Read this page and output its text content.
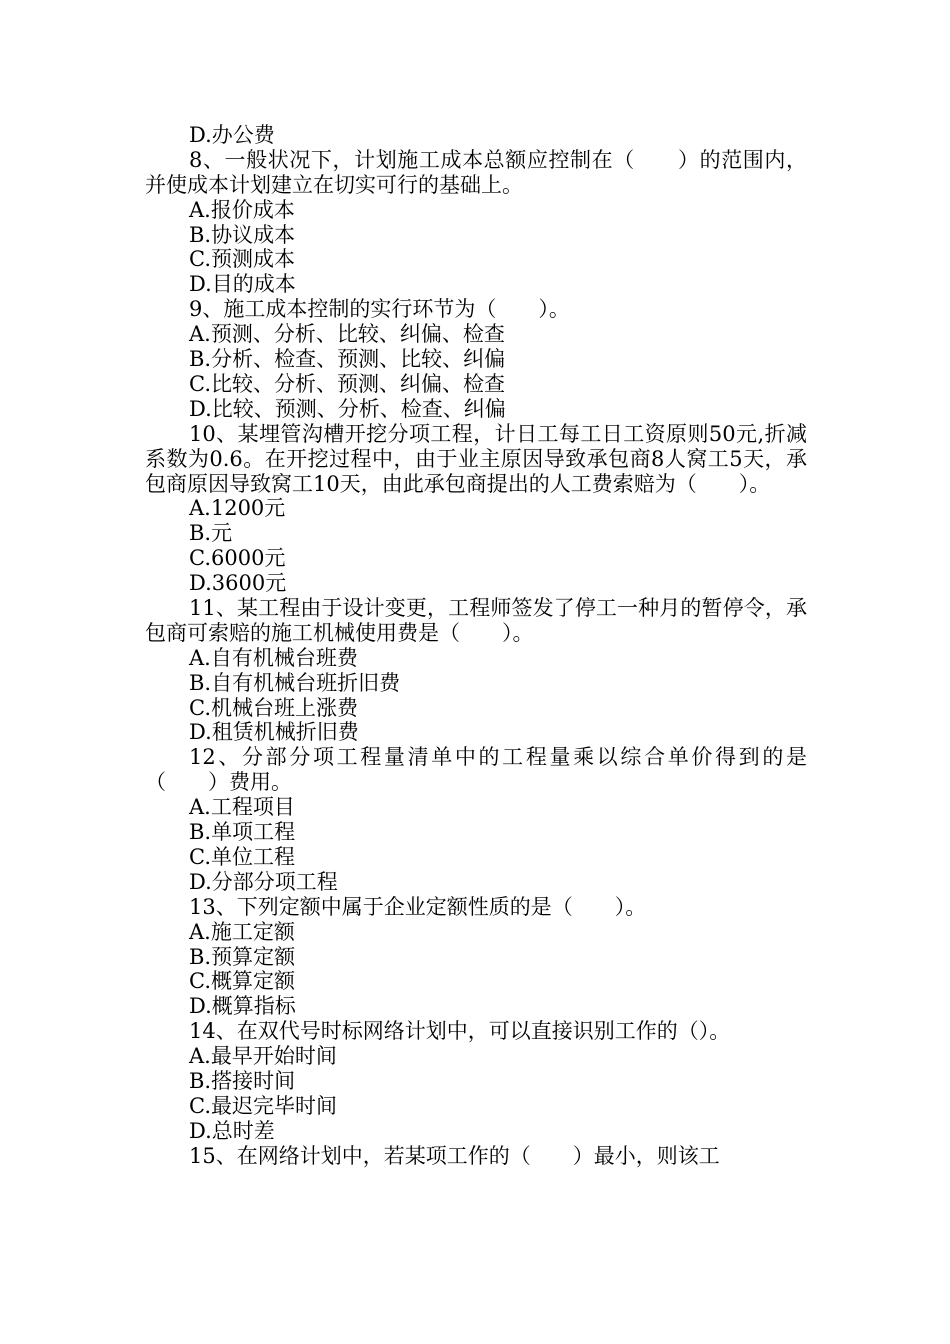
D.办公费
8、一般状况下，计划施工成本总额应控制在（　　）的范围内，并使成本计划建立在切实可行的基础上。
A.报价成本
B.协议成本
C.预测成本
D.目的成本
9、施工成本控制的实行环节为（　　）。
A.预测、分析、比较、纠偏、检查
B.分析、检查、预测、比较、纠偏
C.比较、分析、预测、纠偏、检查
D.比较、预测、分析、检查、纠偏
10、某埋管沟槽开挖分项工程，计日工每工日工资原则50元,折减系数为0.6。在开挖过程中，由于业主原因导致承包商8人窝工5天，承包商原因导致窝工10天，由此承包商提出的人工费索赔为（　　）。
A.1200元
B.元
C.6000元
D.3600元
11、某工程由于设计变更，工程师签发了停工一种月的暂停令，承包商可索赔的施工机械使用费是（　　）。
A.自有机械台班费
B.自有机械台班折旧费
C.机械台班上涨费
D.租赁机械折旧费
12、分部分项工程量清单中的工程量乘以综合单价得到的是（　　）费用。
A.工程项目
B.单项工程
C.单位工程
D.分部分项工程
13、下列定额中属于企业定额性质的是（　　）。
A.施工定额
B.预算定额
C.概算定额
D.概算指标
14、在双代号时标网络计划中，可以直接识别工作的（）。
A.最早开始时间
B.搭接时间
C.最迟完毕时间
D.总时差
15、在网络计划中，若某项工作的（　　）最小，则该工
